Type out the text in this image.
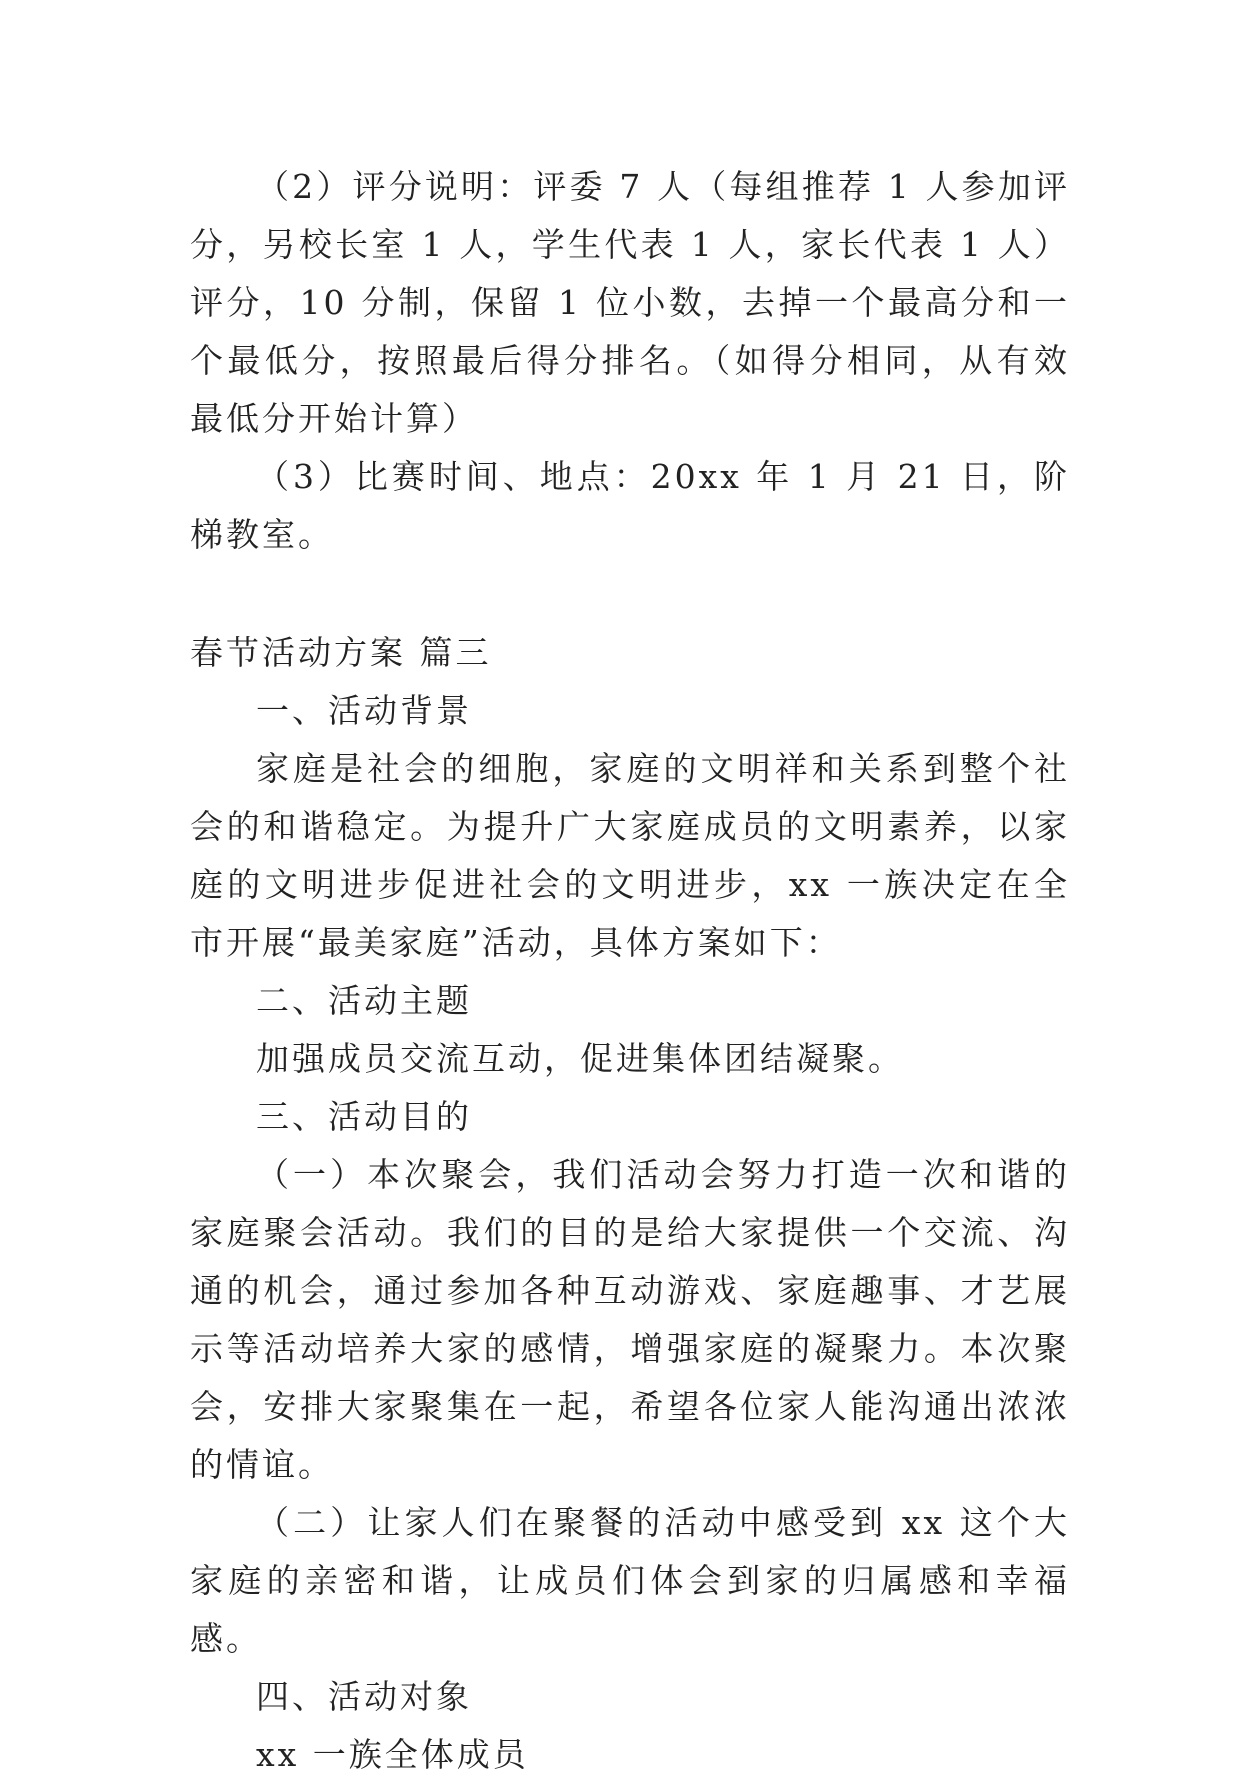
（2）评分说明：评委 7 人（每组推荐 1 人参加评分，另校长室 1 人，学生代表 1 人，家长代表 1 人）评分，10 分制，保留 1 位小数，去掉一个最高分和一个最低分，按照最后得分排名。（如得分相同，从有效最低分开始计算）

（3）比赛时间、地点：20xx 年 1 月 21 日，阶梯教室。

春节活动方案 篇三

一、活动背景

家庭是社会的细胞，家庭的文明祥和关系到整个社会的和谐稳定。为提升广大家庭成员的文明素养，以家庭的文明进步促进社会的文明进步，xx 一族决定在全市开展“最美家庭”活动，具体方案如下：

二、活动主题

加强成员交流互动，促进集体团结凝聚。

三、活动目的

（一）本次聚会，我们活动会努力打造一次和谐的家庭聚会活动。我们的目的是给大家提供一个交流、沟通的机会，通过参加各种互动游戏、家庭趣事、才艺展示等活动培养大家的感情，增强家庭的凝聚力。本次聚会，安排大家聚集在一起，希望各位家人能沟通出浓浓的情谊。

（二）让家人们在聚餐的活动中感受到 xx 这个大家庭的亲密和谐，让成员们体会到家的归属感和幸福感。

四、活动对象

xx 一族全体成员
